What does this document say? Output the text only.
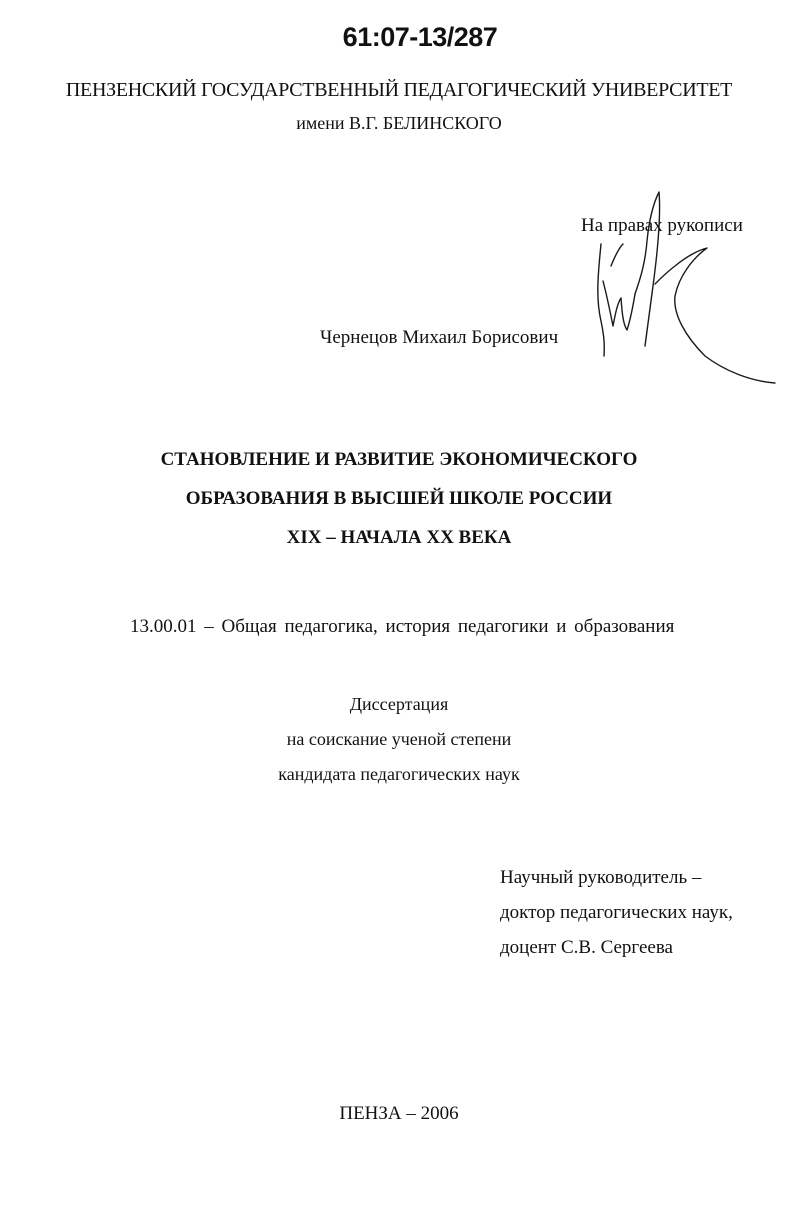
61:07-13/287
ПЕНЗЕНСКИЙ ГОСУДАРСТВЕННЫЙ ПЕДАГОГИЧЕСКИЙ УНИВЕРСИТЕТ
имени В.Г. БЕЛИНСКОГО
На правах рукописи
Чернецов Михаил Борисович
СТАНОВЛЕНИЕ И РАЗВИТИЕ ЭКОНОМИЧЕСКОГО
ОБРАЗОВАНИЯ В ВЫСШЕЙ ШКОЛЕ РОССИИ
XIX – НАЧАЛА XX ВЕКА
13.00.01 – Общая педагогика, история педагогики и образования
Диссертация
на соискание ученой степени
кандидата педагогических наук
Научный руководитель –
доктор педагогических наук,
доцент С.В. Сергеева
ПЕНЗА – 2006
